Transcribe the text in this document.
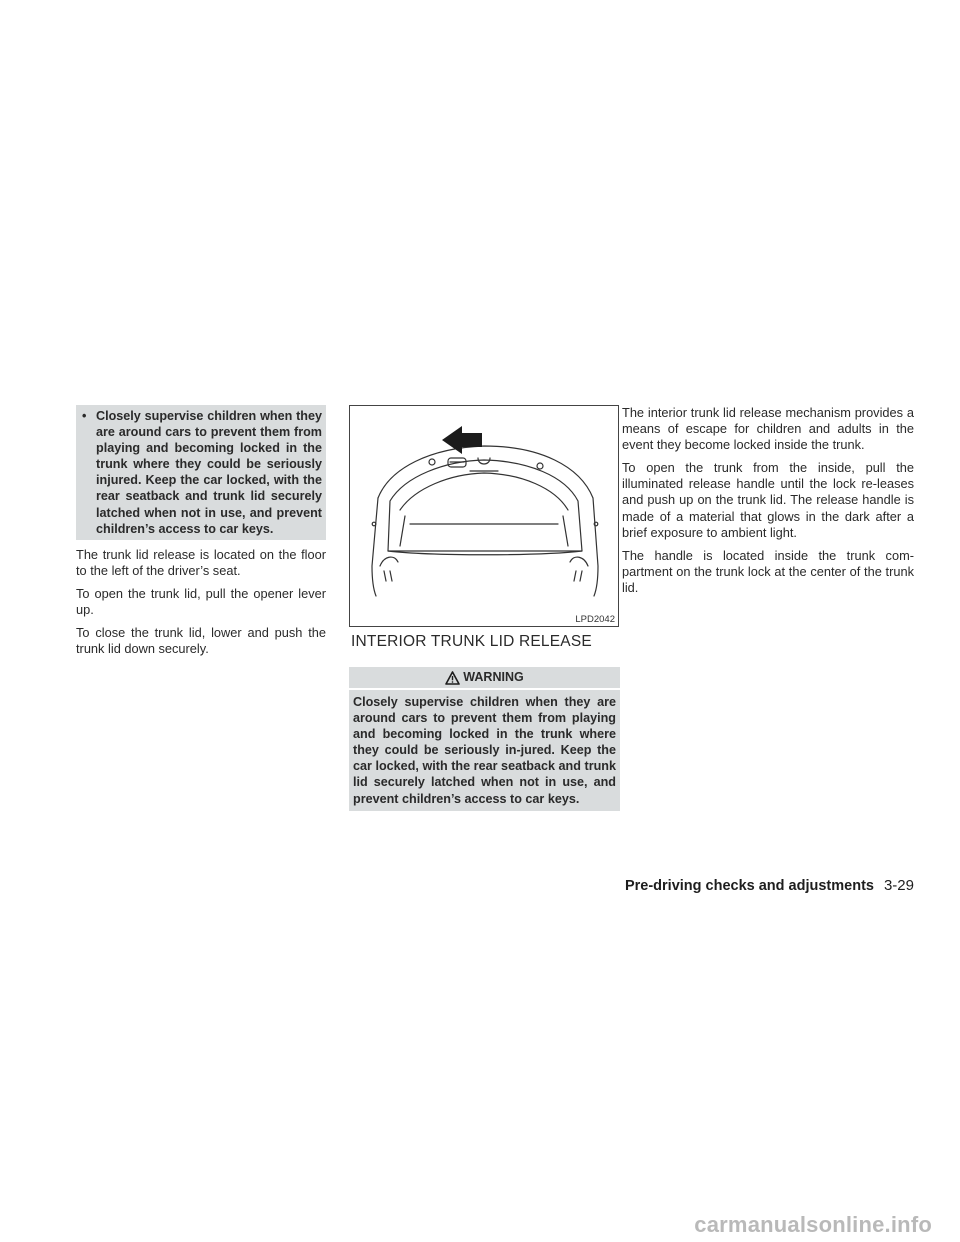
• Closely supervise children when they are around cars to prevent them from playing and becoming locked in the trunk where they could be seriously injured. Keep the car locked, with the rear seatback and trunk lid securely latched when not in use, and prevent children’s access to car keys.

The trunk lid release is located on the floor to the left of the driver’s seat.

To open the trunk lid, pull the opener lever up.

To close the trunk lid, lower and push the trunk lid down securely.

LPD2042
INTERIOR TRUNK LID RELEASE
WARNING
Closely supervise children when they are around cars to prevent them from playing and becoming locked in the trunk where they could be seriously in-jured. Keep the car locked, with the rear seatback and trunk lid securely latched when not in use, and prevent children’s access to car keys.

The interior trunk lid release mechanism provides a means of escape for children and adults in the event they become locked inside the trunk.

To open the trunk from the inside, pull the illuminated release handle until the lock re-leases and push up on the trunk lid. The release handle is made of a material that glows in the dark after a brief exposure to ambient light.

The handle is located inside the trunk com-partment on the trunk lock at the center of the trunk lid.

Pre-driving checks and adjustments 3-29
carmanualsonline.info
